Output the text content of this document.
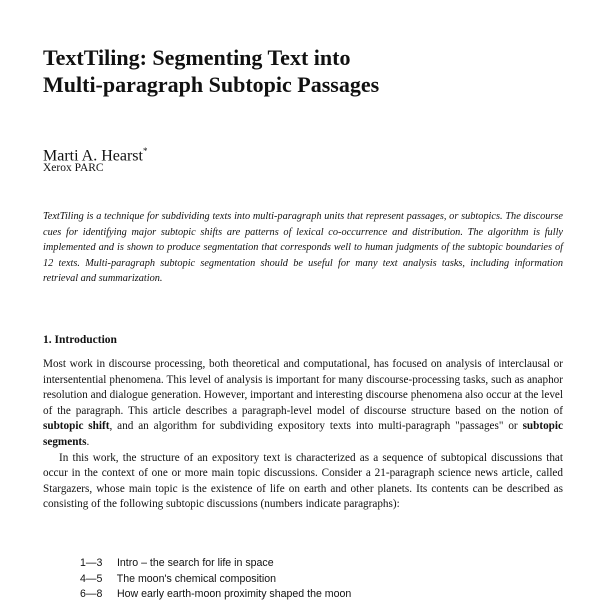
TextTiling: Segmenting Text into
Multi-paragraph Subtopic Passages
Marti A. Hearst*
Xerox PARC

TextTiling is a technique for subdividing texts into multi-paragraph units that represent passages, or subtopics. The discourse cues for identifying major subtopic shifts are patterns of lexical co-occurrence and distribution. The algorithm is fully implemented and is shown to produce segmentation that corresponds well to human judgments of the subtopic boundaries of 12 texts. Multi-paragraph subtopic segmentation should be useful for many text analysis tasks, including information retrieval and summarization.

1. Introduction

Most work in discourse processing, both theoretical and computational, has focused on analysis of interclausal or intersentential phenomena. This level of analysis is important for many discourse-processing tasks, such as anaphor resolution and dialogue generation. However, important and interesting discourse phenomena also occur at the level of the paragraph. This article describes a paragraph-level model of discourse structure based on the notion of subtopic shift, and an algorithm for subdividing expository texts into multi-paragraph "passages" or subtopic segments.

In this work, the structure of an expository text is characterized as a sequence of subtopical discussions that occur in the context of one or more main topic discussions. Consider a 21-paragraph science news article, called Stargazers, whose main topic is the existence of life on earth and other planets. Its contents can be described as consisting of the following subtopic discussions (numbers indicate paragraphs):

1—3 Intro – the search for life in space
4—5 The moon's chemical composition
6—8 How early earth-moon proximity shaped the moon
